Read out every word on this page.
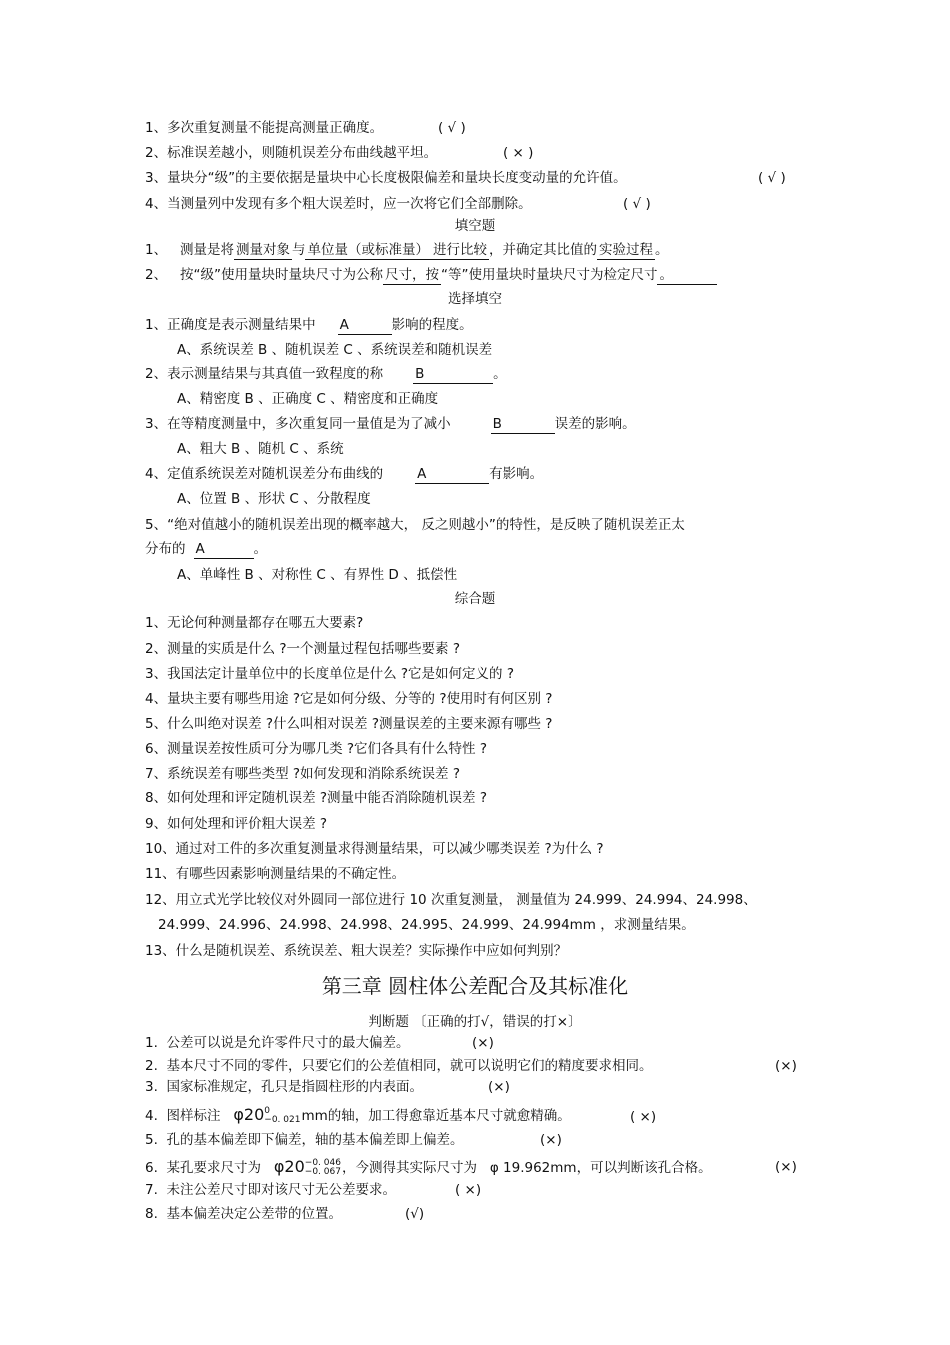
1、多次重复测量不能提高测量正确度。	( √ )
2、标准误差越小，则随机误差分布曲线越平坦。	( × )
3、量块分“级”的主要依据是量块中心长度极限偏差和量块长度变动量的允许值。	( √ )
4、当测量列中发现有多个粗大误差时，应一次将它们全部删除。	( √ )
填空题
1、 测量是将 测量对象 与 单位量（或标准量） 进行比较 ，并确定其比值的 实验过程 。
2、 按“级”使用量块时量块尺寸为公称 尺寸，按 “等”使用量块时量块尺寸为检定尺寸 。
选择填空
1、正确度是表示测量结果中 A	影响的程度。
A、系统误差 B 、随机误差 C 、系统误差和随机误差
2、表示测量结果与其真值一致程度的称 B	。
A、精密度 B 、正确度 C 、精密度和正确度
3、在等精度测量中，多次重复同一量值是为了减小	B	误差的影响。
A、粗大 B 、随机 C 、系统
4、定值系统误差对随机误差分布曲线的	A	有影响。
A、位置 B 、形状 C 、分散程度
5、“绝对值越小的随机误差出现的概率越大， 反之则越小”的特性，是反映了随机误差正太
分布的 A	。
A、单峰性 B 、对称性 C 、有界性 D 、抵偿性
综合题
1、无论何种测量都存在哪五大要素?
2、测量的实质是什么 ?一个测量过程包括哪些要素 ?
3、我国法定计量单位中的长度单位是什么 ?它是如何定义的 ?
4、量块主要有哪些用途 ?它是如何分级、分等的 ?使用时有何区别 ?
5、什么叫绝对误差 ?什么叫相对误差 ?测量误差的主要来源有哪些 ?
6、测量误差按性质可分为哪几类 ?它们各具有什么特性 ?
7、系统误差有哪些类型 ?如何发现和消除系统误差 ?
8、如何处理和评定随机误差 ?测量中能否消除随机误差 ?
9、如何处理和评价粗大误差 ?
10、通过对工件的多次重复测量求得测量结果，可以减少哪类误差 ?为什么 ?
11、有哪些因素影响测量结果的不确定性。
12、用立式光学比较仪对外圆同一部位进行 10 次重复测量， 测量值为 24.999、24.994、24.998、
24.999、24.996、24.998、24.998、24.995、24.999、24.994mm ，求测量结果。
13、什么是随机误差、系统误差、粗大误差？实际操作中应如何判别？
第三章 圆柱体公差配合及其标准化
判断题 〔正确的打√，错误的打×〕
1. 公差可以说是允许零件尺寸的最大偏差。	(×)
2. 基本尺寸不同的零件，只要它们的公差值相同，就可以说明它们的精度要求相同。	(×)
3. 国家标准规定，孔只是指圆柱形的内表面。	(×)
4. 图样标注 φ20 0
−0. 021 mm的轴，加工得愈靠近基本尺寸就愈精确。	( ×)
5. 孔的基本偏差即下偏差，轴的基本偏差即上偏差。	(×)
6. 某孔要求尺寸为 φ20 −0. 046
−0. 067 ，今测得其实际尺寸为 φ 19.962mm，可以判断该孔合格。	(×)
7. 未注公差尺寸即对该尺寸无公差要求。	( ×)
8. 基本偏差决定公差带的位置。	(√)
